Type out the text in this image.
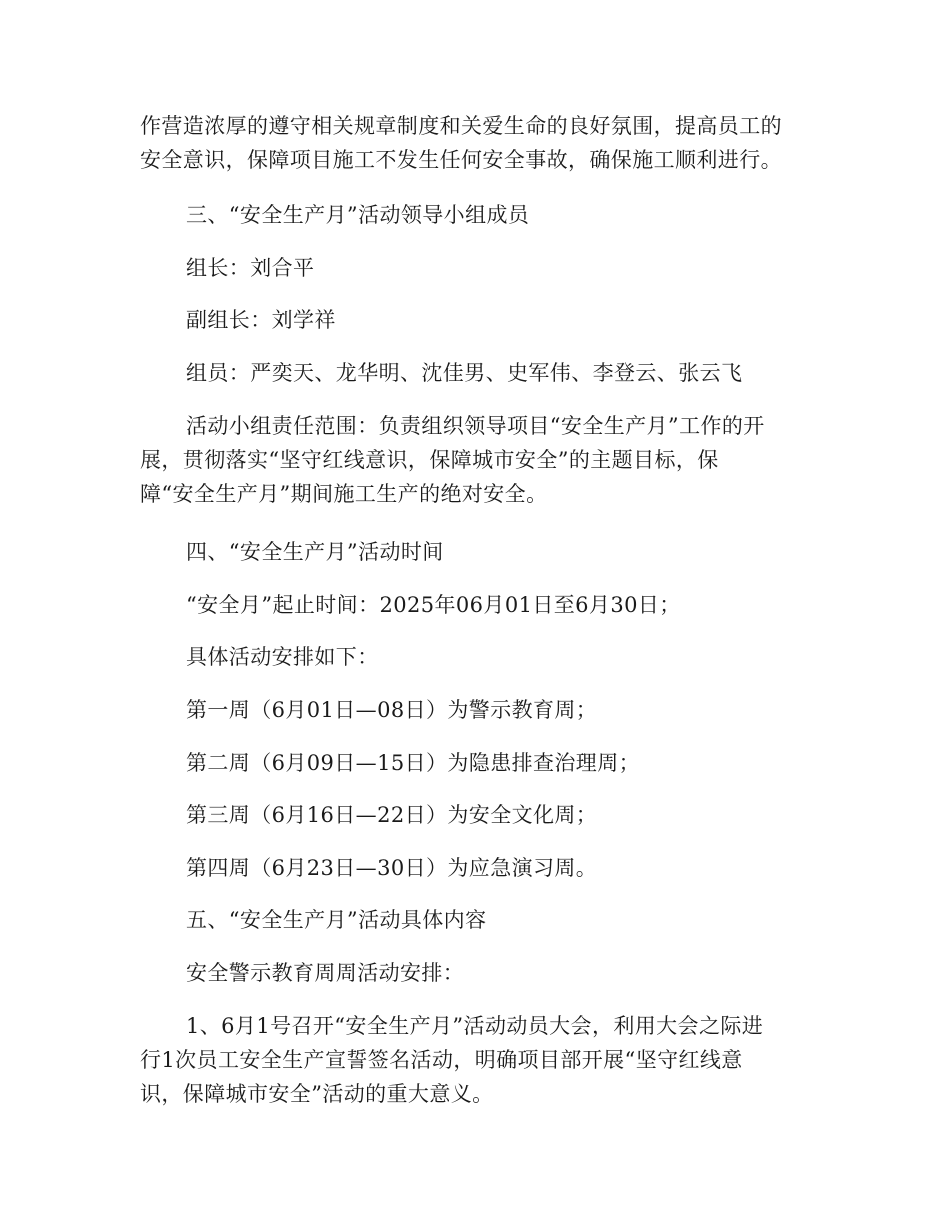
作营造浓厚的遵守相关规章制度和关爱生命的良好氛围，提高员工的
安全意识，保障项目施工不发生任何安全事故，确保施工顺利进行。
三、“安全生产月”活动领导小组成员
组长：刘合平
副组长：刘学祥
组员：严奕天、龙华明、沈佳男、史军伟、李登云、张云飞
活动小组责任范围：负责组织领导项目“安全生产月”工作的开
展，贯彻落实“坚守红线意识，保障城市安全”的主题目标，保
障“安全生产月”期间施工生产的绝对安全。
四、“安全生产月”活动时间
“安全月”起止时间：2025年06月01日至6月30日；
具体活动安排如下：
第一周（6月01日—08日）为警示教育周；
第二周（6月09日—15日）为隐患排查治理周；
第三周（6月16日—22日）为安全文化周；
第四周（6月23日—30日）为应急演习周。
五、“安全生产月”活动具体内容
安全警示教育周周活动安排：
1、6月1号召开“安全生产月”活动动员大会，利用大会之际进
行1次员工安全生产宣誓签名活动，明确项目部开展“坚守红线意
识，保障城市安全”活动的重大意义。
